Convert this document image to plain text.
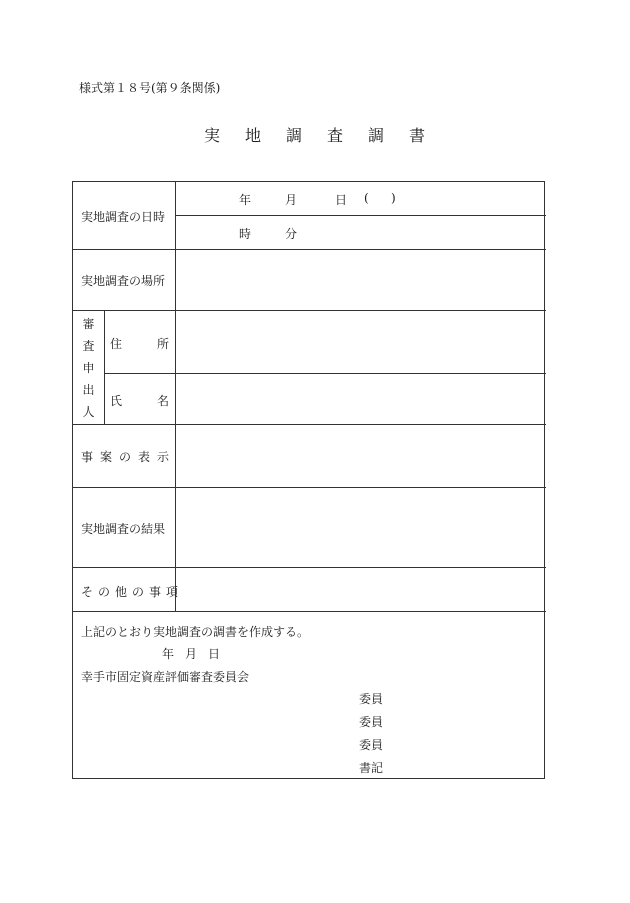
様式第１８号(第９条関係)
実 地 調 査 調 書
実地調査の日時
年	月	日 ( )
時	分
実地調査の場所
審
査
申
出
人
住	所
氏	名
事案の表示
実地調査の結果
その他の事項
上記のとおり実地調査の調書を作成する。
年 月 日
幸手市固定資産評価審査委員会
委員
委員
委員
書記
